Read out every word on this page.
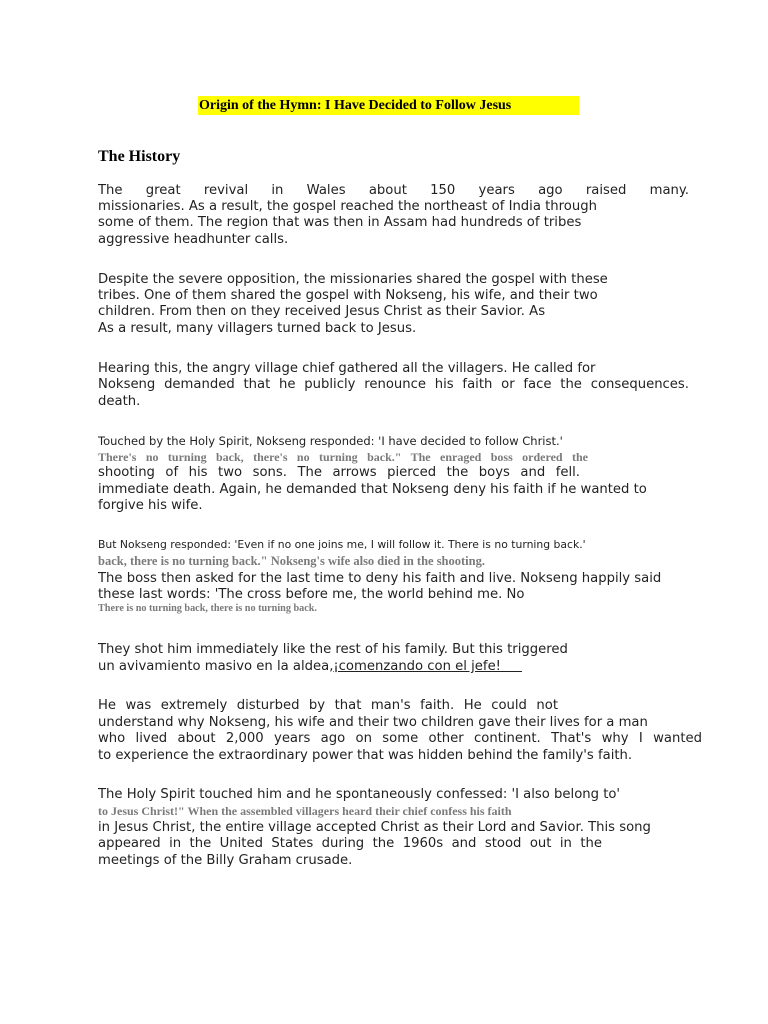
Origin of the Hymn: I Have Decided to Follow Jesus
The History
The great revival in Wales about 150 years ago raised many.
missionaries. As a result, the gospel reached the northeast of India through
some of them. The region that was then in Assam had hundreds of tribes
aggressive headhunter calls.
Despite the severe opposition, the missionaries shared the gospel with these
tribes. One of them shared the gospel with Nokseng, his wife, and their two
children. From then on they received Jesus Christ as their Savior. As
As a result, many villagers turned back to Jesus.
Hearing this, the angry village chief gathered all the villagers. He called for
Nokseng demanded that he publicly renounce his faith or face the consequences.
death.
Touched by the Holy Spirit, Nokseng responded: 'I have decided to follow Christ.'
There's no turning back, there's no turning back." The enraged boss ordered the
shooting of his two sons. The arrows pierced the boys and fell.
immediate death. Again, he demanded that Nokseng deny his faith if he wanted to
forgive his wife.
But Nokseng responded: 'Even if no one joins me, I will follow it. There is no turning back.'
back, there is no turning back." Nokseng's wife also died in the shooting.
The boss then asked for the last time to deny his faith and live. Nokseng happily said
these last words: 'The cross before me, the world behind me. No
There is no turning back, there is no turning back.
They shot him immediately like the rest of his family. But this triggered
un avivamiento masivo en la aldea,¡comenzando con el jefe!
He was extremely disturbed by that man's faith. He could not
understand why Nokseng, his wife and their two children gave their lives for a man
who lived about 2,000 years ago on some other continent. That's why I wanted
to experience the extraordinary power that was hidden behind the family's faith.
The Holy Spirit touched him and he spontaneously confessed: 'I also belong to'
to Jesus Christ!" When the assembled villagers heard their chief confess his faith
in Jesus Christ, the entire village accepted Christ as their Lord and Savior. This song
appeared in the United States during the 1960s and stood out in the
meetings of the Billy Graham crusade.
